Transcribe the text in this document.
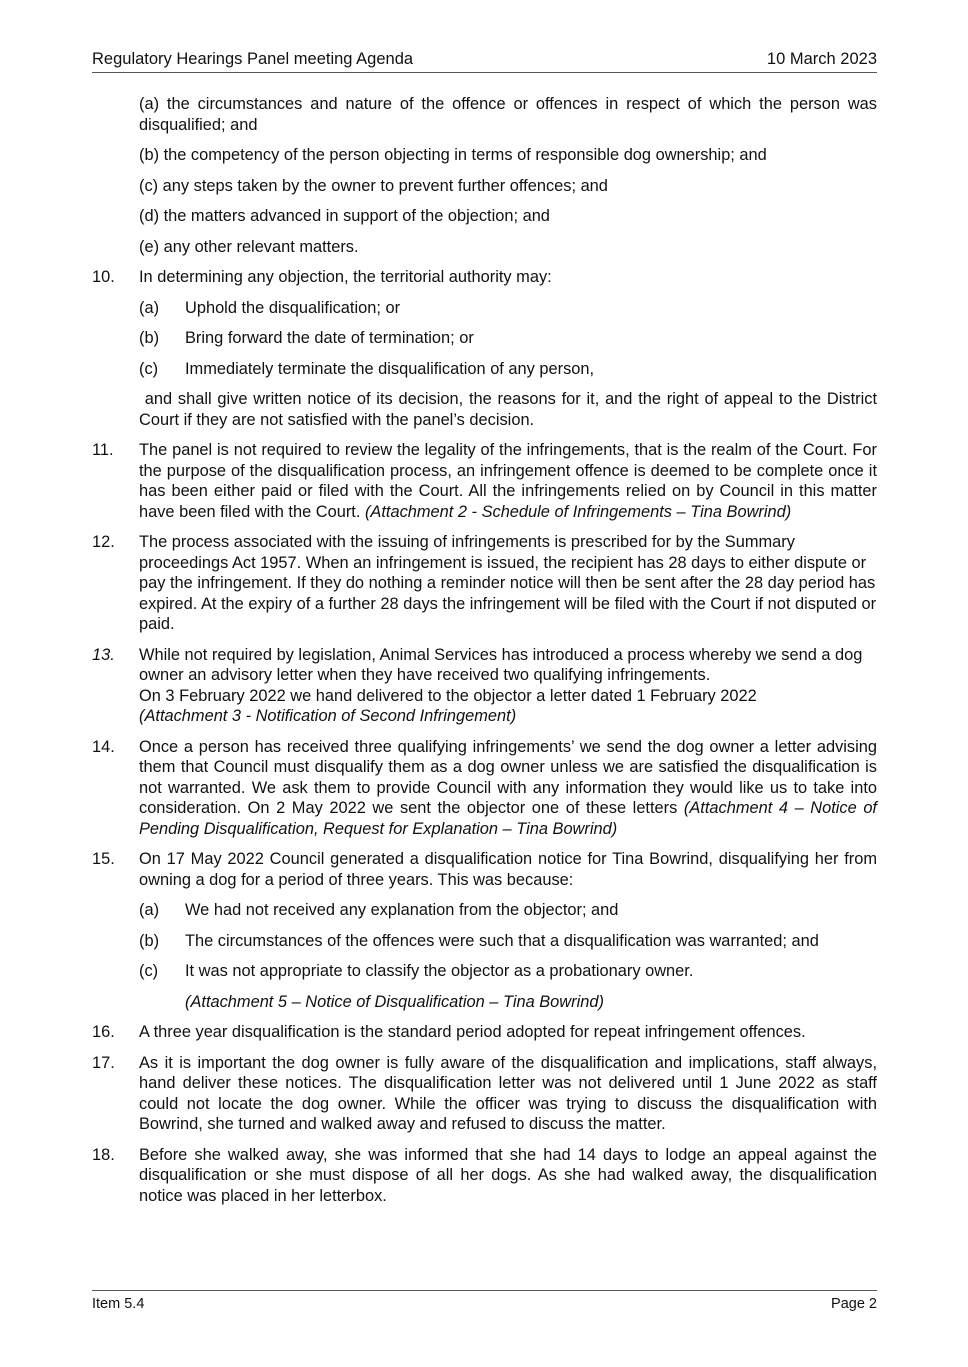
Regulatory Hearings Panel meeting Agenda	10 March 2023
(a) the circumstances and nature of the offence or offences in respect of which the person was disqualified; and
(b) the competency of the person objecting in terms of responsible dog ownership; and
(c) any steps taken by the owner to prevent further offences; and
(d) the matters advanced in support of the objection; and
(e) any other relevant matters.
10.	In determining any objection, the territorial authority may:
(a)	Uphold the disqualification; or
(b)	Bring forward the date of termination; or
(c)	Immediately terminate the disqualification of any person,
and shall give written notice of its decision, the reasons for it, and the right of appeal to the District Court if they are not satisfied with the panel’s decision.
11.	The panel is not required to review the legality of the infringements, that is the realm of the Court. For the purpose of the disqualification process, an infringement offence is deemed to be complete once it has been either paid or filed with the Court. All the infringements relied on by Council in this matter have been filed with the Court. (Attachment 2 - Schedule of Infringements – Tina Bowrind)
12.	The process associated with the issuing of infringements is prescribed for by the Summary proceedings Act 1957. When an infringement is issued, the recipient has 28 days to either dispute or pay the infringement. If they do nothing a reminder notice will then be sent after the 28 day period has expired. At the expiry of a further 28 days the infringement will be filed with the Court if not disputed or paid.
13.	While not required by legislation, Animal Services has introduced a process whereby we send a dog owner an advisory letter when they have received two qualifying infringements.
On 3 February 2022 we hand delivered to the objector a letter dated 1 February 2022
(Attachment 3 - Notification of Second Infringement)
14.	Once a person has received three qualifying infringements’ we send the dog owner a letter advising them that Council must disqualify them as a dog owner unless we are satisfied the disqualification is not warranted. We ask them to provide Council with any information they would like us to take into consideration. On 2 May 2022 we sent the objector one of these letters (Attachment 4 – Notice of Pending Disqualification, Request for Explanation – Tina Bowrind)
15.	On 17 May 2022 Council generated a disqualification notice for Tina Bowrind, disqualifying her from owning a dog for a period of three years. This was because:
(a)	We had not received any explanation from the objector; and
(b)	The circumstances of the offences were such that a disqualification was warranted; and
(c)	It was not appropriate to classify the objector as a probationary owner.
(Attachment 5 – Notice of Disqualification – Tina Bowrind)
16.	A three year disqualification is the standard period adopted for repeat infringement offences.
17.	As it is important the dog owner is fully aware of the disqualification and implications, staff always, hand deliver these notices. The disqualification letter was not delivered until 1 June 2022 as staff could not locate the dog owner. While the officer was trying to discuss the disqualification with Bowrind, she turned and walked away and refused to discuss the matter.
18.	Before she walked away, she was informed that she had 14 days to lodge an appeal against the disqualification or she must dispose of all her dogs. As she had walked away, the disqualification notice was placed in her letterbox.
Item 5.4	Page 2
